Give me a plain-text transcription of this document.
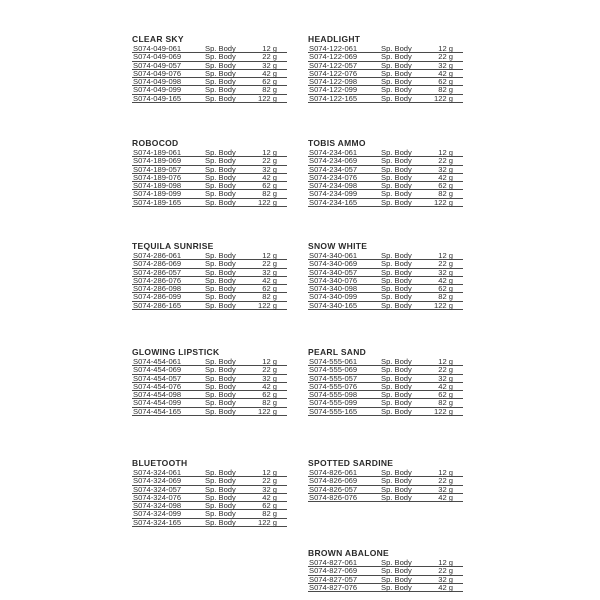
CLEAR SKY
S074-049-061	Sp. Body	12 g
S074-049-069	Sp. Body	22 g
S074-049-057	Sp. Body	32 g
S074-049-076	Sp. Body	42 g
S074-049-098	Sp. Body	62 g
S074-049-099	Sp. Body	82 g
S074-049-165	Sp. Body	122 g
ROBOCOD
S074-189-061	Sp. Body	12 g
S074-189-069	Sp. Body	22 g
S074-189-057	Sp. Body	32 g
S074-189-076	Sp. Body	42 g
S074-189-098	Sp. Body	62 g
S074-189-099	Sp. Body	82 g
S074-189-165	Sp. Body	122 g
TEQUILA SUNRISE
S074-286-061	Sp. Body	12 g
S074-286-069	Sp. Body	22 g
S074-286-057	Sp. Body	32 g
S074-286-076	Sp. Body	42 g
S074-286-098	Sp. Body	62 g
S074-286-099	Sp. Body	82 g
S074-286-165	Sp. Body	122 g
GLOWING LIPSTICK
S074-454-061	Sp. Body	12 g
S074-454-069	Sp. Body	22 g
S074-454-057	Sp. Body	32 g
S074-454-076	Sp. Body	42 g
S074-454-098	Sp. Body	62 g
S074-454-099	Sp. Body	82 g
S074-454-165	Sp. Body	122 g
BLUETOOTH
S074-324-061	Sp. Body	12 g
S074-324-069	Sp. Body	22 g
S074-324-057	Sp. Body	32 g
S074-324-076	Sp. Body	42 g
S074-324-098	Sp. Body	62 g
S074-324-099	Sp. Body	82 g
S074-324-165	Sp. Body	122 g
HEADLIGHT
S074-122-061	Sp. Body	12 g
S074-122-069	Sp. Body	22 g
S074-122-057	Sp. Body	32 g
S074-122-076	Sp. Body	42 g
S074-122-098	Sp. Body	62 g
S074-122-099	Sp. Body	82 g
S074-122-165	Sp. Body	122 g
TOBIS AMMO
S074-234-061	Sp. Body	12 g
S074-234-069	Sp. Body	22 g
S074-234-057	Sp. Body	32 g
S074-234-076	Sp. Body	42 g
S074-234-098	Sp. Body	62 g
S074-234-099	Sp. Body	82 g
S074-234-165	Sp. Body	122 g
SNOW WHITE
S074-340-061	Sp. Body	12 g
S074-340-069	Sp. Body	22 g
S074-340-057	Sp. Body	32 g
S074-340-076	Sp. Body	42 g
S074-340-098	Sp. Body	62 g
S074-340-099	Sp. Body	82 g
S074-340-165	Sp. Body	122 g
PEARL SAND
S074-555-061	Sp. Body	12 g
S074-555-069	Sp. Body	22 g
S074-555-057	Sp. Body	32 g
S074-555-076	Sp. Body	42 g
S074-555-098	Sp. Body	62 g
S074-555-099	Sp. Body	82 g
S074-555-165	Sp. Body	122 g
SPOTTED SARDINE
S074-826-061	Sp. Body	12 g
S074-826-069	Sp. Body	22 g
S074-826-057	Sp. Body	32 g
S074-826-076	Sp. Body	42 g
BROWN ABALONE
S074-827-061	Sp. Body	12 g
S074-827-069	Sp. Body	22 g
S074-827-057	Sp. Body	32 g
S074-827-076	Sp. Body	42 g
